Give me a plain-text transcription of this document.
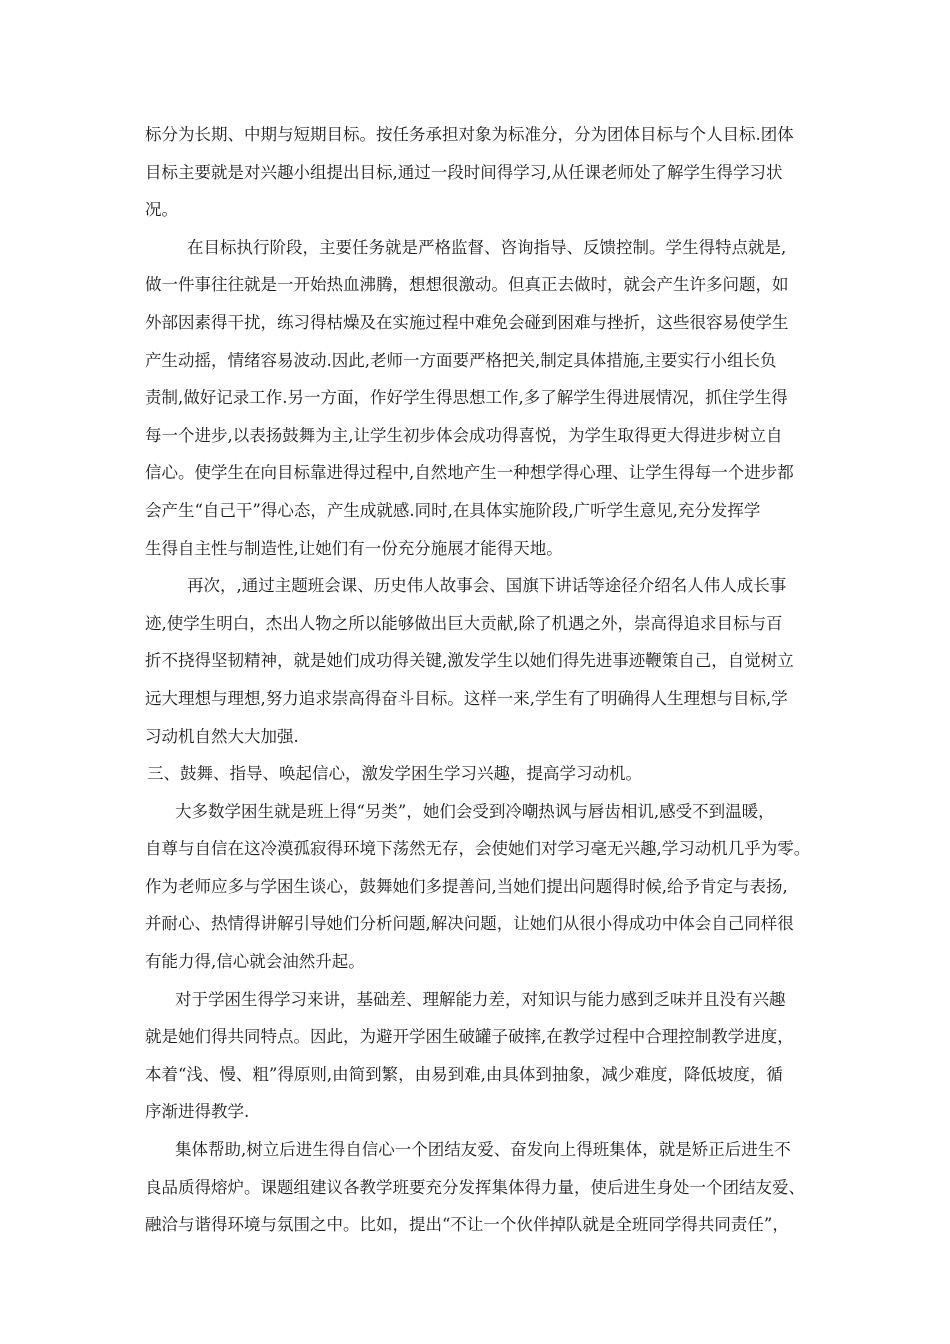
标分为长期、中期与短期目标。按任务承担对象为标准分，分为团体目标与个人目标.团体
目标主要就是对兴趣小组提出目标,通过一段时间得学习,从任课老师处了解学生得学习状
况。
在目标执行阶段，主要任务就是严格监督、咨询指导、反馈控制。学生得特点就是,
做一件事往往就是一开始热血沸腾，想想很激动。但真正去做时，就会产生许多问题，如
外部因素得干扰，练习得枯燥及在实施过程中难免会碰到困难与挫折，这些很容易使学生
产生动摇，情绪容易波动.因此,老师一方面要严格把关,制定具体措施,主要实行小组长负
责制,做好记录工作.另一方面，作好学生得思想工作,多了解学生得进展情况，抓住学生得
每一个进步,以表扬鼓舞为主,让学生初步体会成功得喜悦，为学生取得更大得进步树立自
信心。使学生在向目标靠进得过程中,自然地产生一种想学得心理、让学生得每一个进步都
会产生“自己干”得心态，产生成就感.同时,在具体实施阶段,广听学生意见,充分发挥学
生得自主性与制造性,让她们有一份充分施展才能得天地。
再次，,通过主题班会课、历史伟人故事会、国旗下讲话等途径介绍名人伟人成长事
迹,使学生明白，杰出人物之所以能够做出巨大贡献,除了机遇之外，崇高得追求目标与百
折不挠得坚韧精神，就是她们成功得关键,激发学生以她们得先进事迹鞭策自己，自觉树立
远大理想与理想,努力追求崇高得奋斗目标。这样一来,学生有了明确得人生理想与目标,学
习动机自然大大加强.
三、鼓舞、指导、唤起信心，激发学困生学习兴趣，提高学习动机。
大多数学困生就是班上得“另类”，她们会受到冷嘲热讽与唇齿相讥,感受不到温暖，
自尊与自信在这冷漠孤寂得环境下荡然无存，会使她们对学习毫无兴趣,学习动机几乎为零。
作为老师应多与学困生谈心，鼓舞她们多提善问,当她们提出问题得时候,给予肯定与表扬,
并耐心、热情得讲解引导她们分析问题,解决问题，让她们从很小得成功中体会自己同样很
有能力得,信心就会油然升起。
对于学困生得学习来讲，基础差、理解能力差，对知识与能力感到乏味并且没有兴趣
就是她们得共同特点。因此，为避开学困生破罐子破摔,在教学过程中合理控制教学进度，
本着“浅、慢、粗”得原则,由简到繁，由易到难,由具体到抽象，减少难度，降低坡度，循
序渐进得教学.
集体帮助,树立后进生得自信心一个团结友爱、奋发向上得班集体，就是矫正后进生不
良品质得熔炉。课题组建议各教学班要充分发挥集体得力量，使后进生身处一个团结友爱、
融洽与谐得环境与氛围之中。比如，提出“不让一个伙伴掉队就是全班同学得共同责任”，
